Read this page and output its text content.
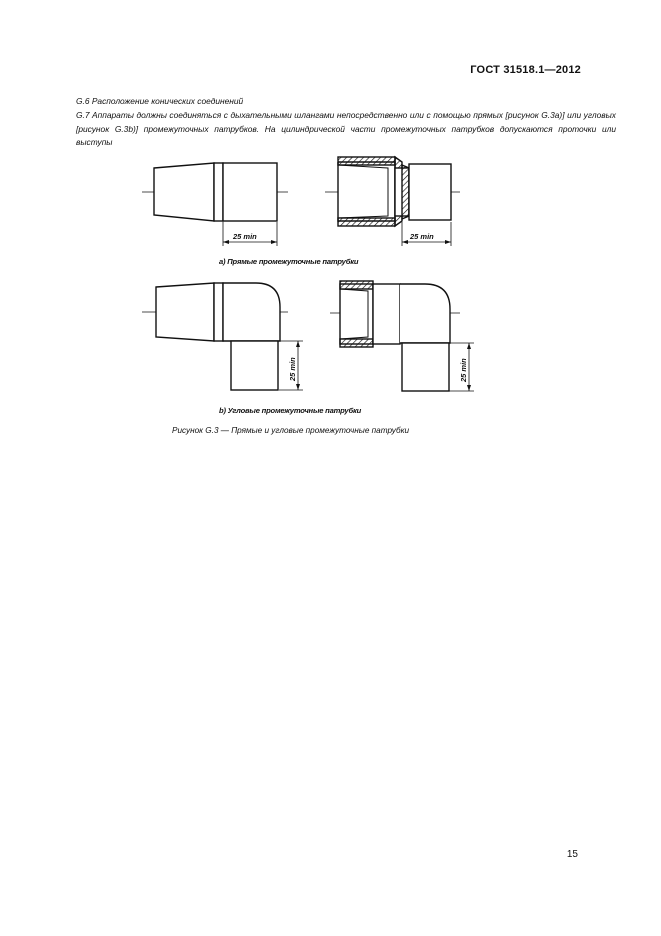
ГОСТ 31518.1—2012
G.6 Расположение конических соединений
G.7 Аппараты должны соединяться с дыхательными шлангами непосредственно или с помощью прямых [рисунок G.3a)] или угловых [рисунок G.3b)] промежуточных патрубков. На цилиндрической части промежуточных патрубков допускаются проточки или выступы
25 min	25 min
25 min	25 min
a) Прямые промежуточные патрубки
b) Угловые промежуточные патрубки
Рисунок G.3 — Прямые и угловые промежуточные патрубки
15
